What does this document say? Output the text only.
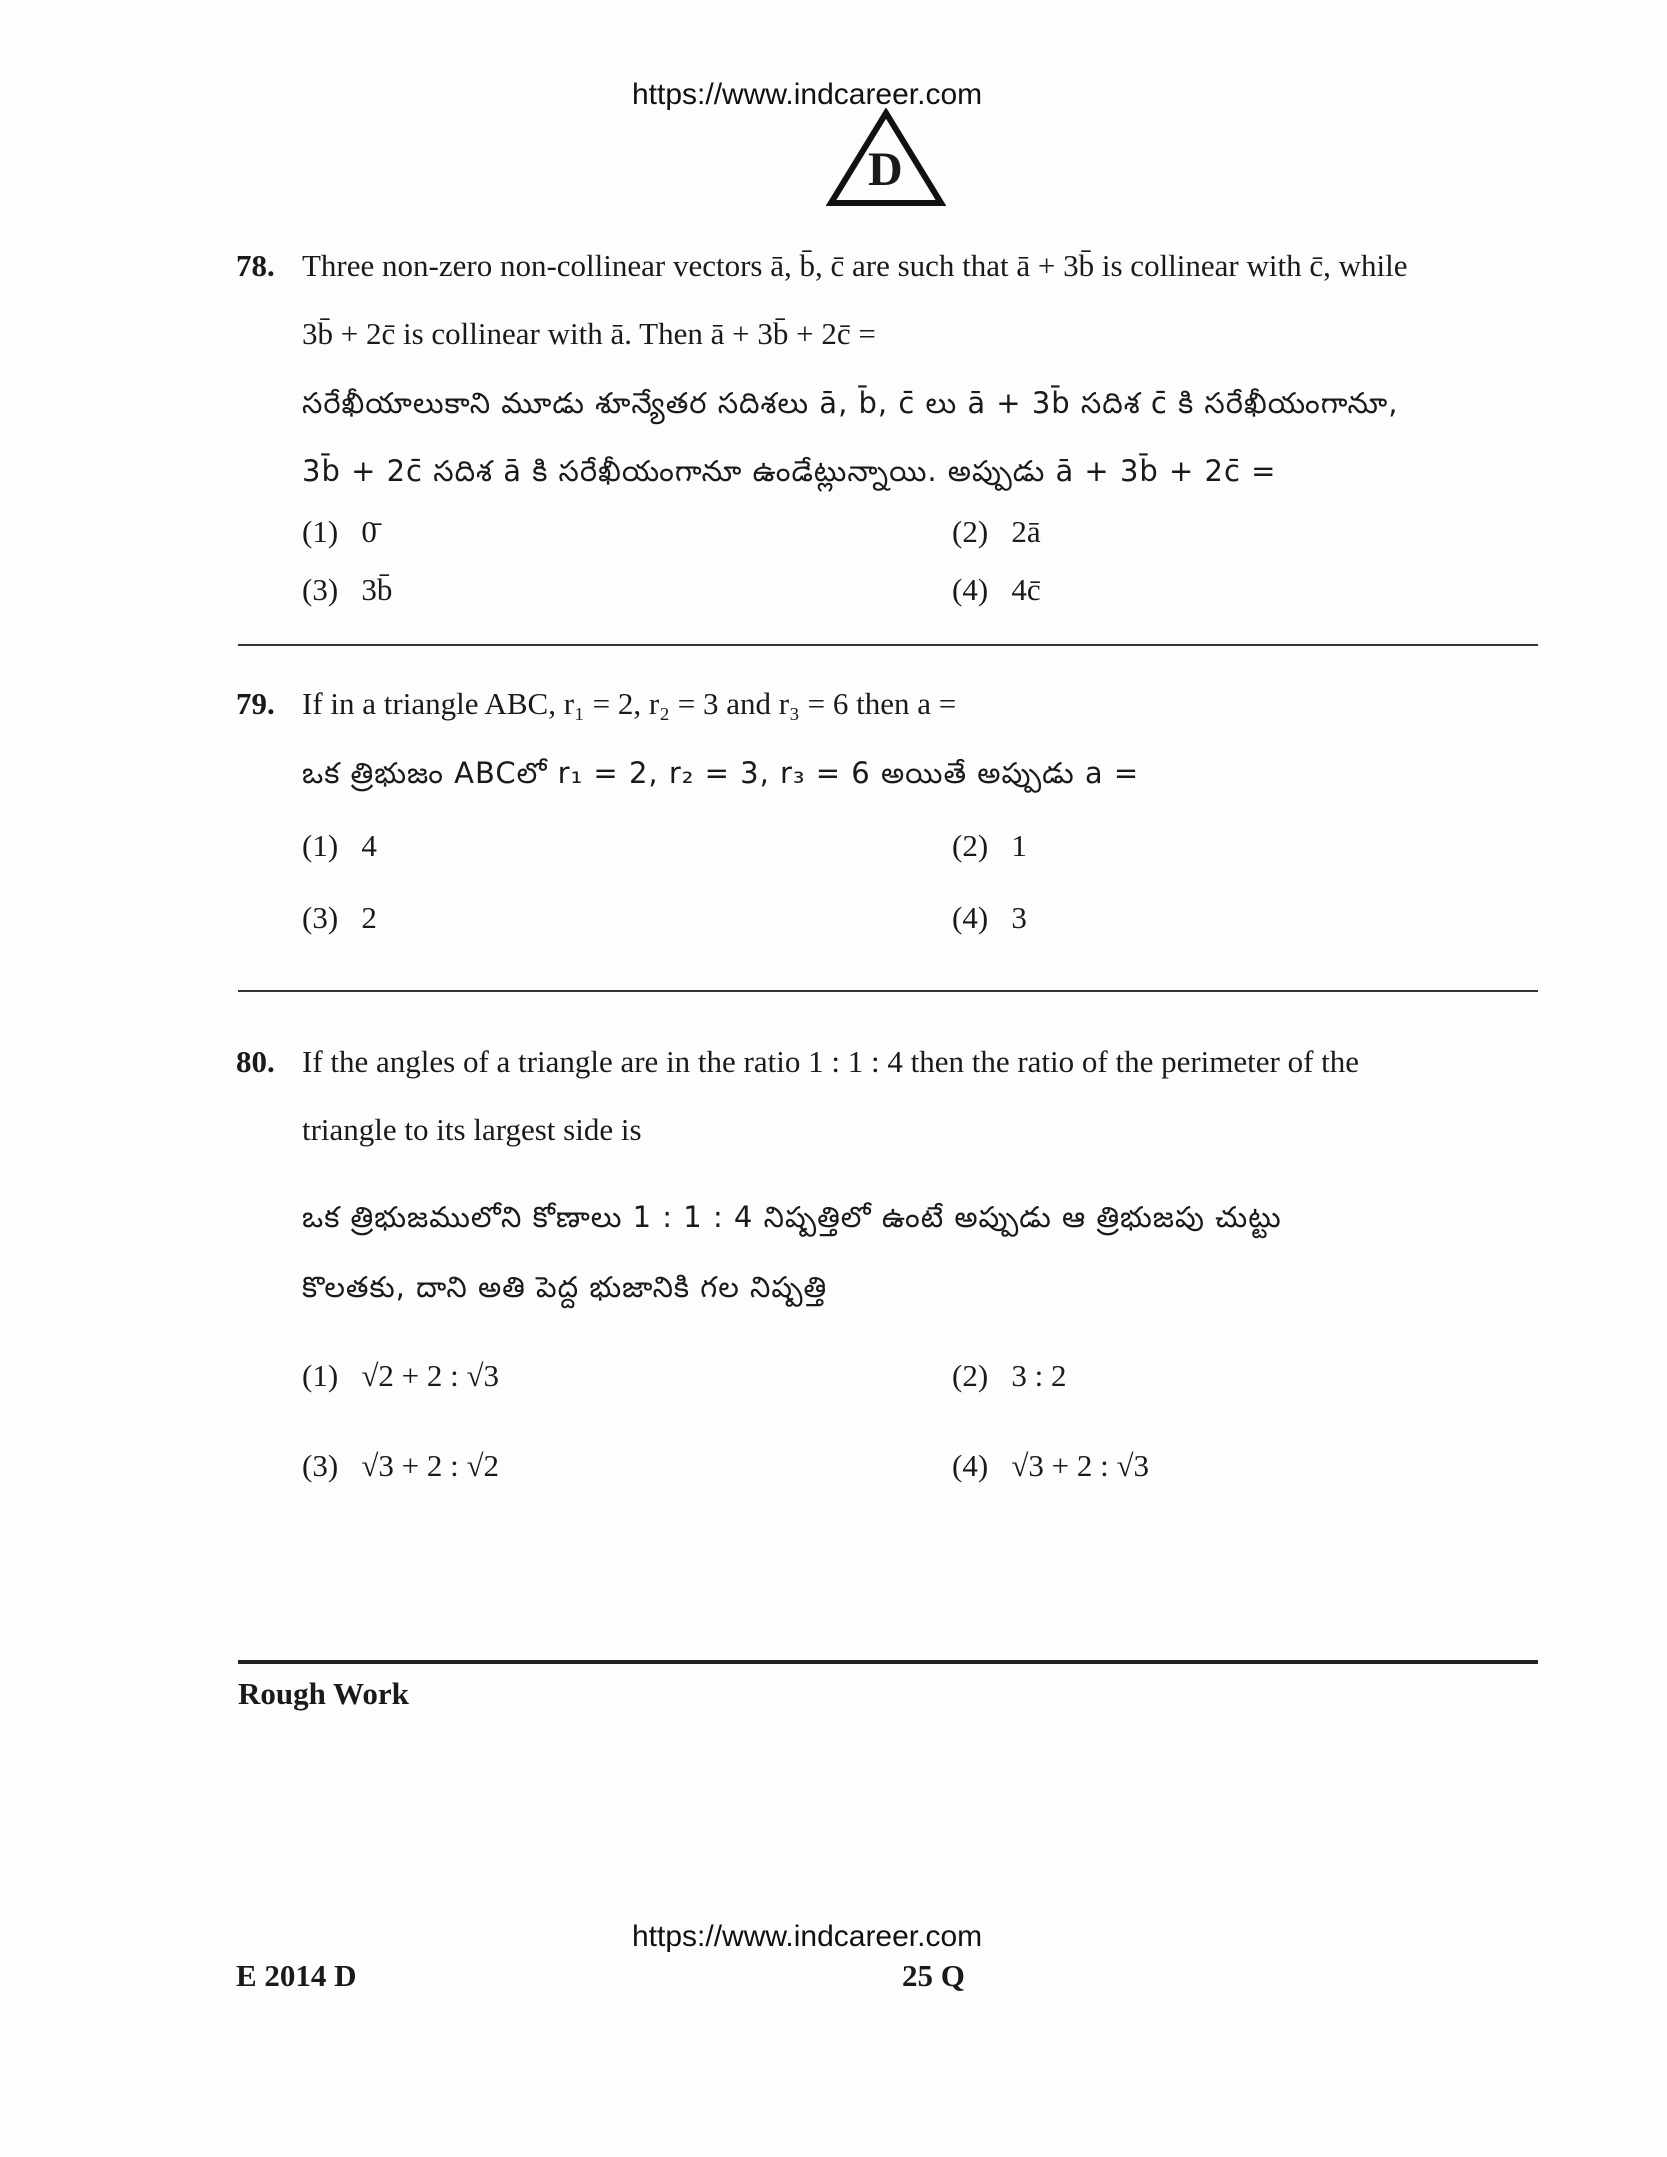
https://www.indcareer.com
D
78. Three non-zero non-collinear vectors ā, b̄, c̄ are such that ā + 3b̄ is collinear with c̄, while
3b̄ + 2c̄ is collinear with ā. Then ā + 3b̄ + 2c̄ =
సరేఖీయాలుకాని మూడు శూన్యేతర సదిశలు ā, b̄, c̄ లు ā + 3b̄ సదిశ c̄ కి సరేఖీయంగానూ,
3b̄ + 2c̄ సదిశ ā కి సరేఖీయంగానూ ఉండేట్లున్నాయి. అప్పుడు ā + 3b̄ + 2c̄ =
(1) 0̄	(2) 2ā
(3) 3b̄	(4) 4c̄
79. If in a triangle ABC, r₁ = 2, r₂ = 3 and r₃ = 6 then a =
ఒక త్రిభుజం ABCలో r₁ = 2, r₂ = 3, r₃ = 6 అయితే అప్పుడు a =
(1) 4	(2) 1
(3) 2	(4) 3
80. If the angles of a triangle are in the ratio 1 : 1 : 4 then the ratio of the perimeter of the
triangle to its largest side is
ఒక త్రిభుజములోని కోణాలు 1 : 1 : 4 నిష్పత్తిలో ఉంటే అప్పుడు ఆ త్రిభుజపు చుట్టు
కొలతకు, దాని అతి పెద్ద భుజానికి గల నిష్పత్తి
(1) √2 + 2 : √3	(2) 3 : 2
(3) √3 + 2 : √2	(4) √3 + 2 : √3
Rough Work
https://www.indcareer.com
E 2014 D	25 Q
